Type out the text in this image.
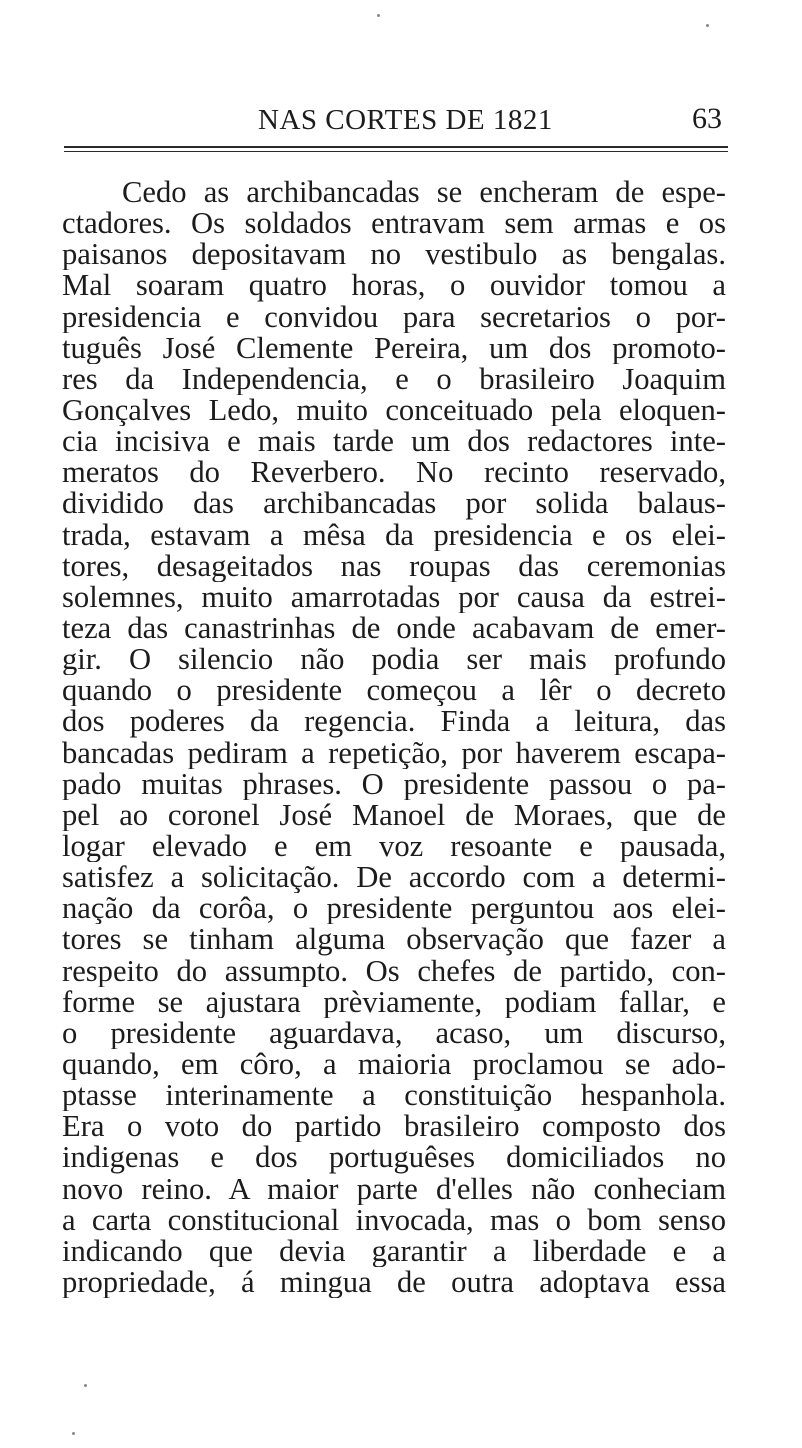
NAS CORTES DE 1821	63
Cedo as archibancadas se encheram de espe-
ctadores. Os soldados entravam sem armas e os
paisanos depositavam no vestibulo as bengalas.
Mal soaram quatro horas, o ouvidor tomou a
presidencia e convidou para secretarios o por-
tuguês José Clemente Pereira, um dos promoto-
res da Independencia, e o brasileiro Joaquim
Gonçalves Ledo, muito conceituado pela eloquen-
cia incisiva e mais tarde um dos redactores inte-
meratos do Reverbero. No recinto reservado,
dividido das archibancadas por solida balaus-
trada, estavam a mêsa da presidencia e os elei-
tores, desageitados nas roupas das ceremonias
solemnes, muito amarrotadas por causa da estrei-
teza das canastrinhas de onde acabavam de emer-
gir. O silencio não podia ser mais profundo
quando o presidente começou a lêr o decreto
dos poderes da regencia. Finda a leitura, das
bancadas pediram a repetição, por haverem escapa-
pado muitas phrases. O presidente passou o pa-
pel ao coronel José Manoel de Moraes, que de
logar elevado e em voz resoante e pausada,
satisfez a solicitação. De accordo com a determi-
nação da corôa, o presidente perguntou aos elei-
tores se tinham alguma observação que fazer a
respeito do assumpto. Os chefes de partido, con-
forme se ajustara prèviamente, podiam fallar, e
o presidente aguardava, acaso, um discurso,
quando, em côro, a maioria proclamou se ado-
ptasse interinamente a constituição hespanhola.
Era o voto do partido brasileiro composto dos
indigenas e dos portuguêses domiciliados no
novo reino. A maior parte d'elles não conheciam
a carta constitucional invocada, mas o bom senso
indicando que devia garantir a liberdade e a
propriedade, á mingua de outra adoptava essa
